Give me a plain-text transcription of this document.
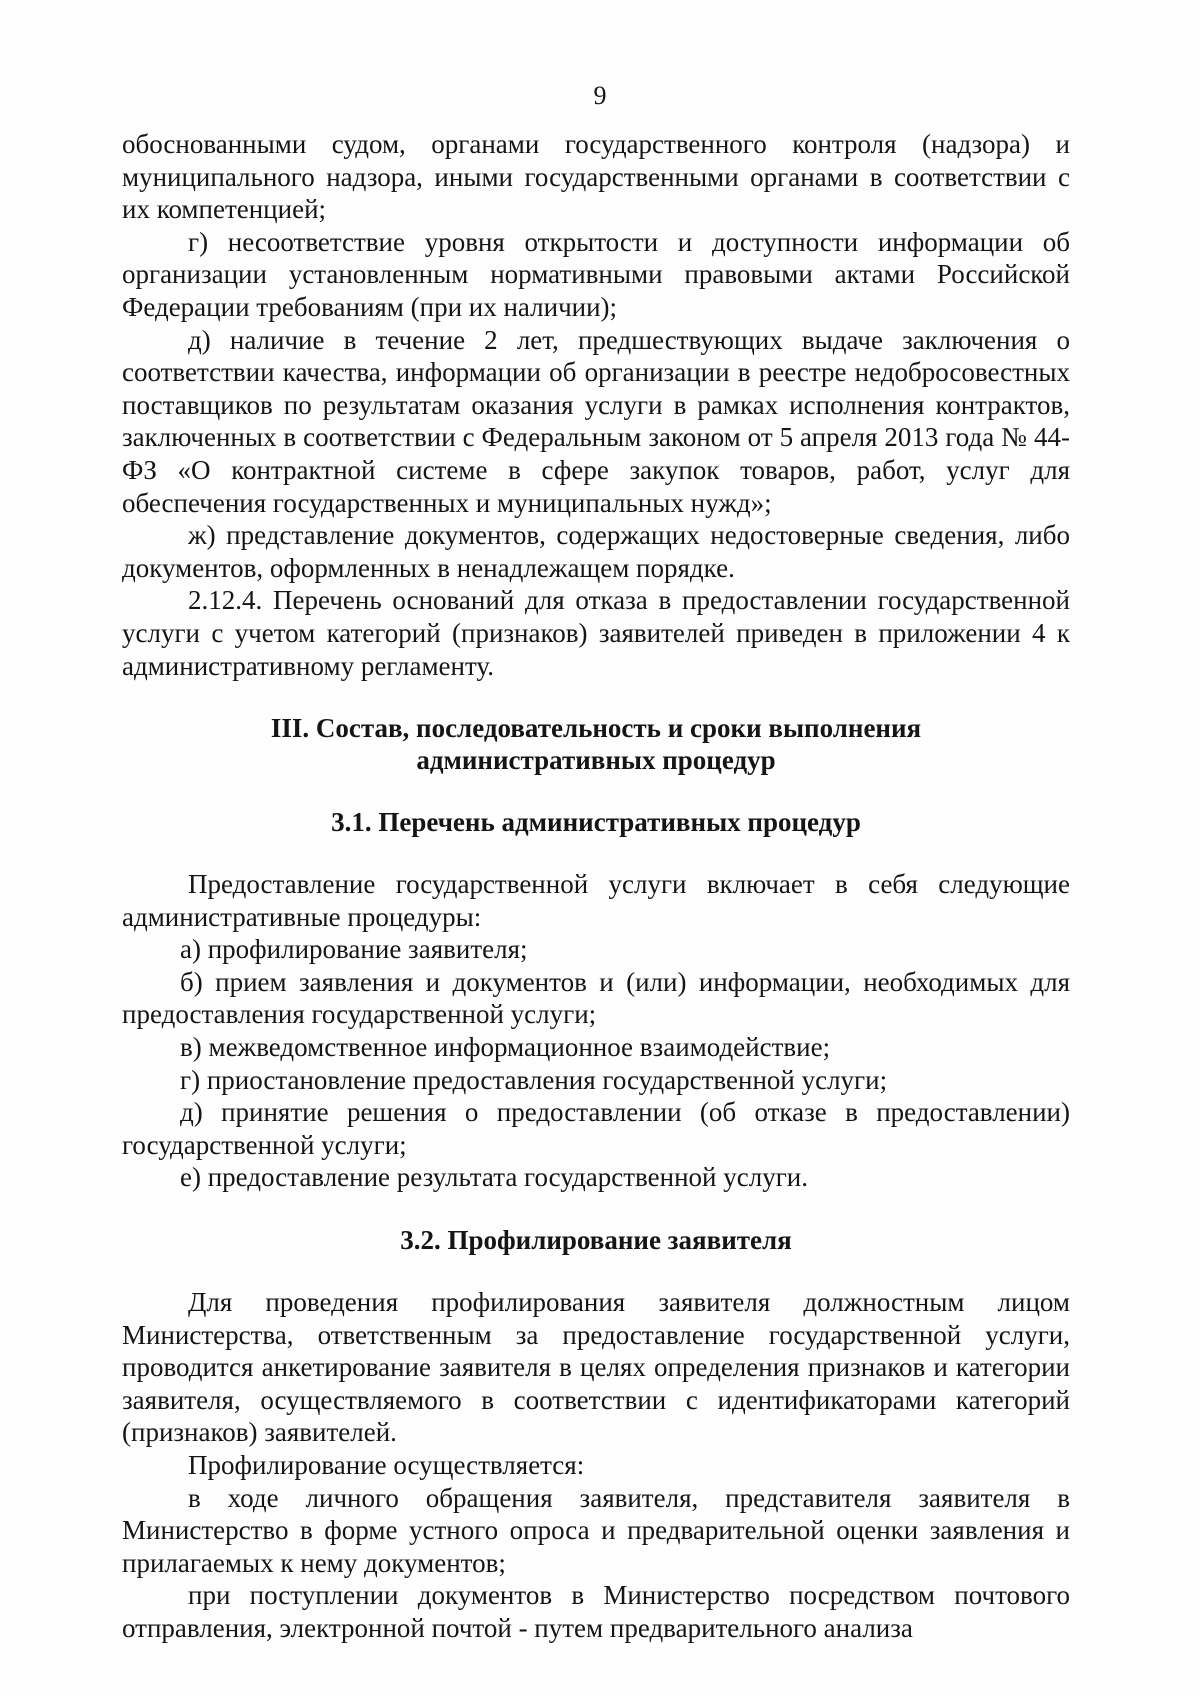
9

обоснованными судом, органами государственного контроля (надзора) и муниципального надзора, иными государственными органами в соответствии с их компетенцией;

г) несоответствие уровня открытости и доступности информации об организации установленным нормативными правовыми актами Российской Федерации требованиям (при их наличии);

д) наличие в течение 2 лет, предшествующих выдаче заключения о соответствии качества, информации об организации в реестре недобросовестных поставщиков по результатам оказания услуги в рамках исполнения контрактов, заключенных в соответствии с Федеральным законом от 5 апреля 2013 года № 44-ФЗ «О контрактной системе в сфере закупок товаров, работ, услуг для обеспечения государственных и муниципальных нужд»;

ж) представление документов, содержащих недостоверные сведения, либо документов, оформленных в ненадлежащем порядке.

2.12.4. Перечень оснований для отказа в предоставлении государственной услуги с учетом категорий (признаков) заявителей приведен в приложении 4 к административному регламенту.

III. Состав, последовательность и сроки выполнения
административных процедур
3.1. Перечень административных процедур

Предоставление государственной услуги включает в себя следующие административные процедуры:

а) профилирование заявителя;

б) прием заявления и документов и (или) информации, необходимых для предоставления государственной услуги;

в) межведомственное информационное взаимодействие;

г) приостановление предоставления государственной услуги;

д) принятие решения о предоставлении (об отказе в предоставлении) государственной услуги;

е) предоставление результата государственной услуги.

3.2. Профилирование заявителя

Для проведения профилирования заявителя должностным лицом Министерства, ответственным за предоставление государственной услуги, проводится анкетирование заявителя в целях определения признаков и категории заявителя, осуществляемого в соответствии с идентификаторами категорий (признаков) заявителей.

Профилирование осуществляется:

в ходе личного обращения заявителя, представителя заявителя в Министерство в форме устного опроса и предварительной оценки заявления и прилагаемых к нему документов;

при поступлении документов в Министерство посредством почтового отправления, электронной почтой - путем предварительного анализа
